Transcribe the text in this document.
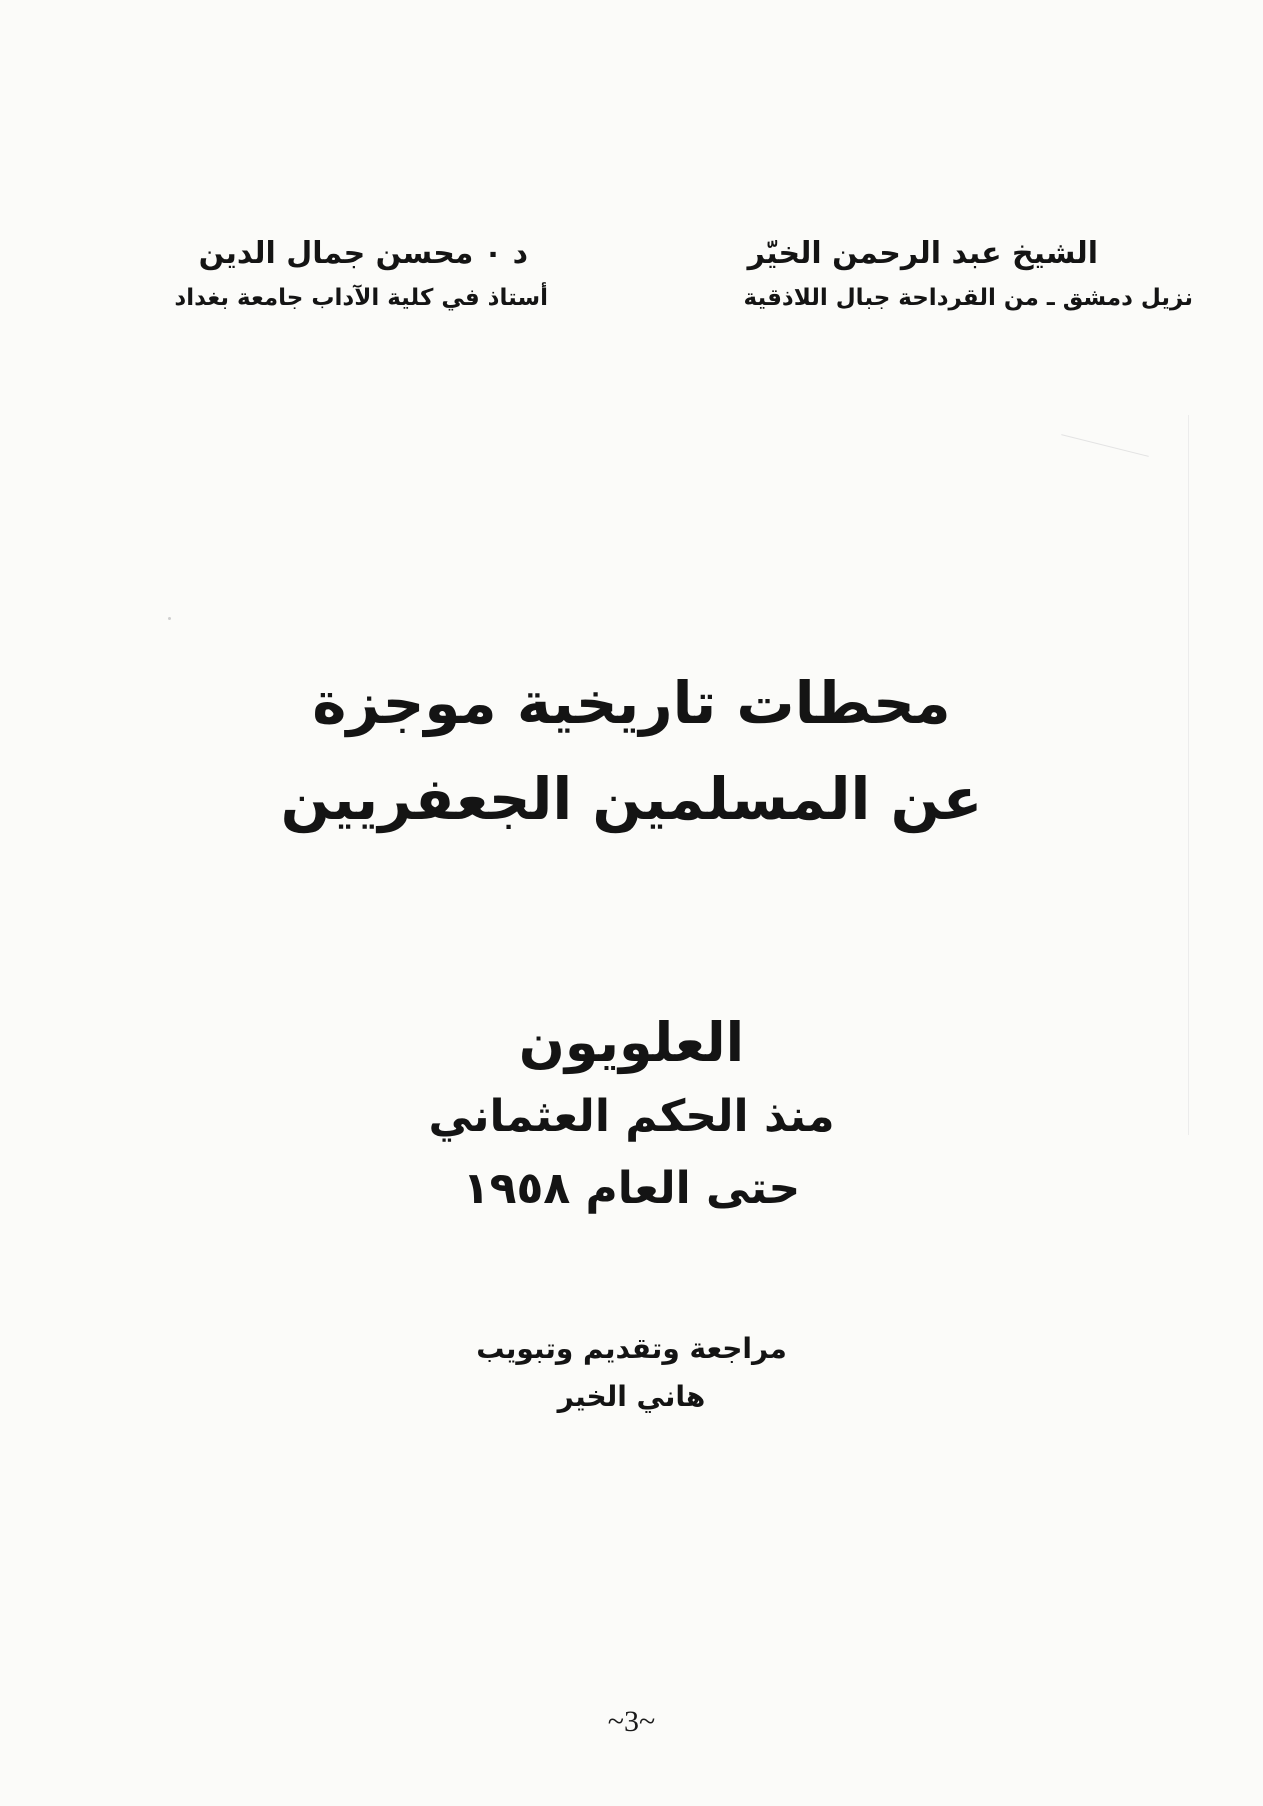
الشيخ عبد الرحمن الخيّر
نزيل دمشق ـ من القرداحة جبال اللاذقية
د ٠ محسن جمال الدين
أستاذ في كلية الآداب جامعة بغداد
محطات تاريخية موجزة
عن المسلمين الجعفريين
العلويون
منذ الحكم العثماني
حتى العام ١٩٥٨
مراجعة وتقديم وتبويب
هاني الخير
~3~
